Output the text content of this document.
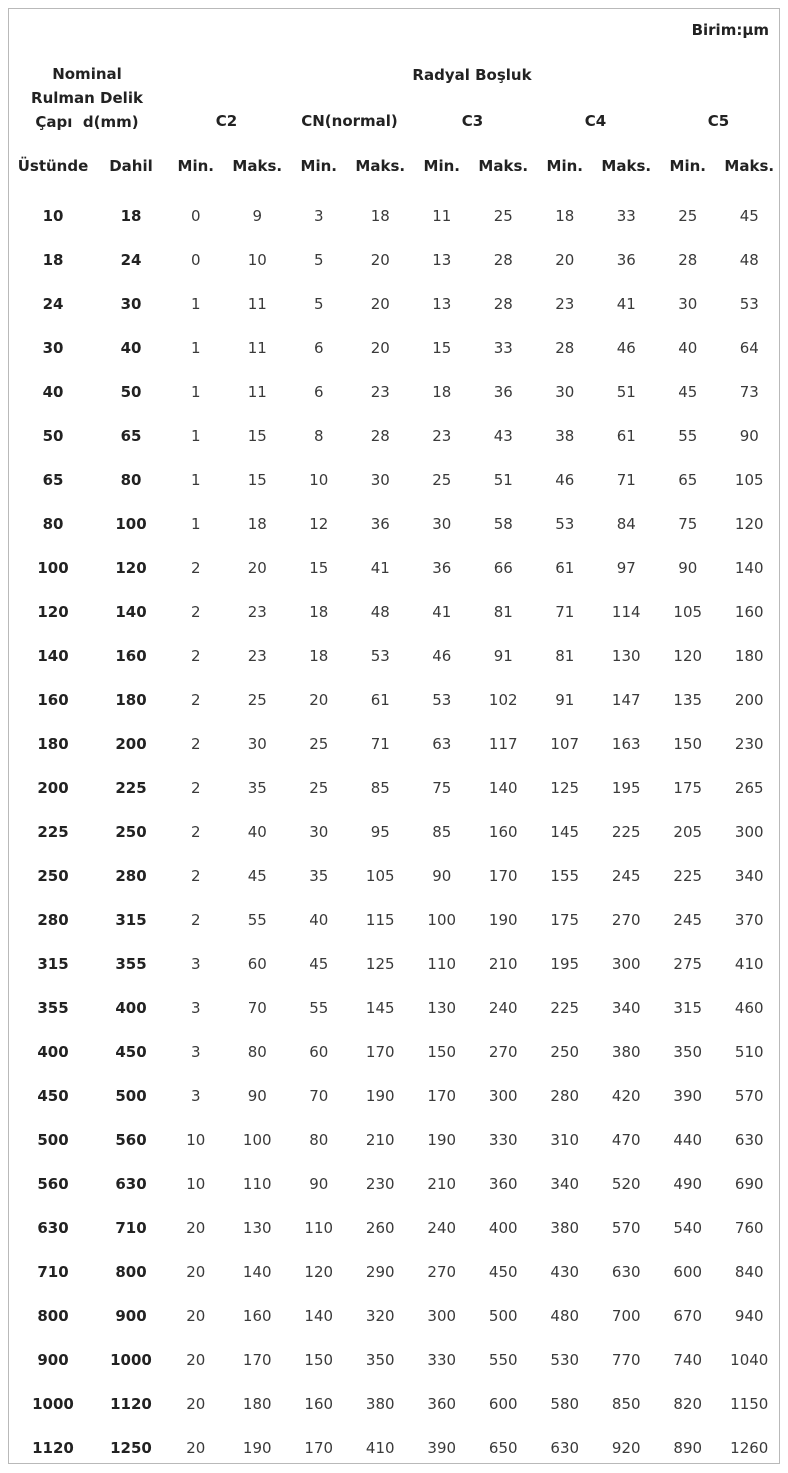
Birim:µm
Nominal
Rulman Delik
Çapı  d(mm)
Radyal Boşluk
C2	CN(normal)	C3	C4	C5
Üstünde	Dahil	Min.	Maks.	Min.	Maks.	Min.	Maks.	Min.	Maks.	Min.	Maks.
10	18	0	9	3	18	11	25	18	33	25	45
18	24	0	10	5	20	13	28	20	36	28	48
24	30	1	11	5	20	13	28	23	41	30	53
30	40	1	11	6	20	15	33	28	46	40	64
40	50	1	11	6	23	18	36	30	51	45	73
50	65	1	15	8	28	23	43	38	61	55	90
65	80	1	15	10	30	25	51	46	71	65	105
80	100	1	18	12	36	30	58	53	84	75	120
100	120	2	20	15	41	36	66	61	97	90	140
120	140	2	23	18	48	41	81	71	114	105	160
140	160	2	23	18	53	46	91	81	130	120	180
160	180	2	25	20	61	53	102	91	147	135	200
180	200	2	30	25	71	63	117	107	163	150	230
200	225	2	35	25	85	75	140	125	195	175	265
225	250	2	40	30	95	85	160	145	225	205	300
250	280	2	45	35	105	90	170	155	245	225	340
280	315	2	55	40	115	100	190	175	270	245	370
315	355	3	60	45	125	110	210	195	300	275	410
355	400	3	70	55	145	130	240	225	340	315	460
400	450	3	80	60	170	150	270	250	380	350	510
450	500	3	90	70	190	170	300	280	420	390	570
500	560	10	100	80	210	190	330	310	470	440	630
560	630	10	110	90	230	210	360	340	520	490	690
630	710	20	130	110	260	240	400	380	570	540	760
710	800	20	140	120	290	270	450	430	630	600	840
800	900	20	160	140	320	300	500	480	700	670	940
900	1000	20	170	150	350	330	550	530	770	740	1040
1000	1120	20	180	160	380	360	600	580	850	820	1150
1120	1250	20	190	170	410	390	650	630	920	890	1260
